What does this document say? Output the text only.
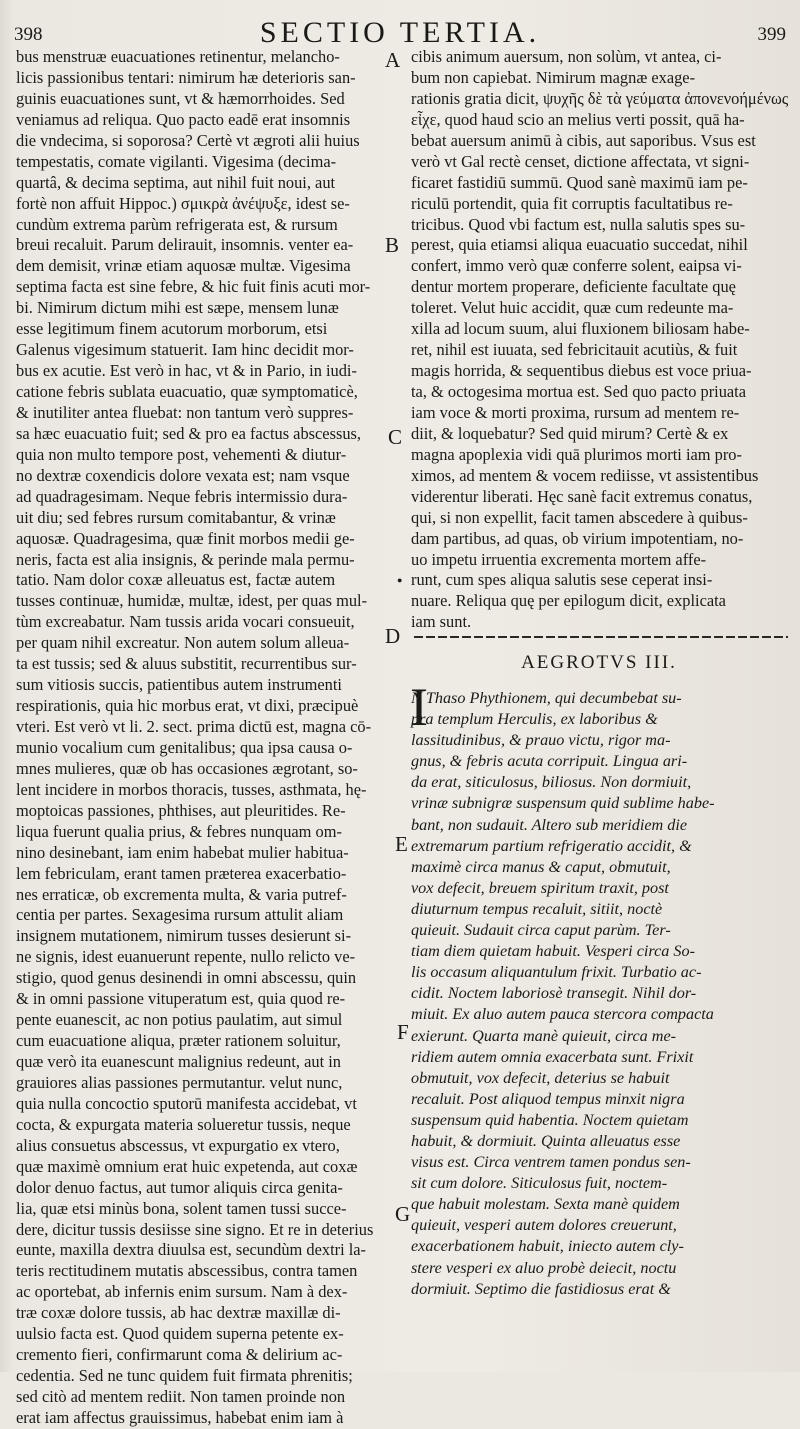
398	SECTIO TERTIA.	399
bus menstruæ euacuationes retinentur, melancho-
licis passionibus tentari: nimirum hæ deterioris san-
guinis euacuationes sunt, vt & hæmorrhoides. Sed
veniamus ad reliqua. Quo pacto eadē erat insomnis
die vndecima, si soporosa? Certè vt ægroti alii huius
tempestatis, comate vigilanti. Vigesima (decima-
quartâ, & decima septima, aut nihil fuit noui, aut
fortè non affuit Hippoc.) σμικρὰ ἀνέψυξε, idest se-
cundùm extrema parùm refrigerata est, & rursum
breui recaluit. Parum delirauit, insomnis. venter ea-
dem demisit, vrinæ etiam aquosæ multæ. Vigesima
septima facta est sine febre, & hic fuit finis acuti mor-
bi. Nimirum dictum mihi est sæpe, mensem lunæ
esse legitimum finem acutorum morborum, etsi
Galenus vigesimum statuerit. Iam hinc decidit mor-
bus ex acutie. Est verò in hac, vt & in Pario, in iudi-
catione febris sublata euacuatio, quæ symptomaticè,
& inutiliter antea fluebat: non tantum verò suppres-
sa hæc euacuatio fuit; sed & pro ea factus abscessus,
quia non multo tempore post, vehementi & diutur-
no dextræ coxendicis dolore vexata est; nam vsque
ad quadragesimam. Neque febris intermissio dura-
uit diu; sed febres rursum comitabantur, & vrinæ
aquosæ. Quadragesima, quæ finit morbos medii ge-
neris, facta est alia insignis, & perinde mala permu-
tatio. Nam dolor coxæ alleuatus est, factæ autem
tusses continuæ, humidæ, multæ, idest, per quas mul-
tùm excreabatur. Nam tussis arida vocari consueuit,
per quam nihil excreatur. Non autem solum alleua-
ta est tussis; sed & aluus substitit, recurrentibus sur-
sum vitiosis succis, patientibus autem instrumenti
respirationis, quia hic morbus erat, vt dixi, præcipuè
vteri. Est verò vt li. 2. sect. prima dictū est, magna cō-
munio vocalium cum genitalibus; qua ipsa causa o-
mnes mulieres, quæ ob has occasiones ægrotant, so-
lent incidere in morbos thoracis, tusses, asthmata, hę-
moptoicas passiones, phthises, aut pleuritides. Re-
liqua fuerunt qualia prius, & febres nunquam om-
nino desinebant, iam enim habebat mulier habitua-
lem febriculam, erant tamen præterea exacerbatio-
nes erraticæ, ob excrementa multa, & varia putref-
centia per partes. Sexagesima rursum attulit aliam
insignem mutationem, nimirum tusses desierunt si-
ne signis, idest euanuerunt repente, nullo relicto ve-
stigio, quod genus desinendi in omni abscessu, quin
& in omni passione vituperatum est, quia quod re-
pente euanescit, ac non potius paulatim, aut simul
cum euacuatione aliqua, præter rationem soluitur,
quæ verò ita euanescunt malignius redeunt, aut in
grauiores alias passiones permutantur. velut nunc,
quia nulla concoctio sputorū manifesta accidebat, vt
cocta, & expurgata materia solueretur tussis, neque
alius consuetus abscessus, vt expurgatio ex vtero,
quæ maximè omnium erat huic expetenda, aut coxæ
dolor denuo factus, aut tumor aliquis circa genita-
lia, quæ etsi minùs bona, solent tamen tussi succe-
dere, dicitur tussis desiisse sine signo. Et re in deterius
eunte, maxilla dextra diuulsa est, secundùm dextri la-
teris rectitudinem mutatis abscessibus, contra tamen
ac oportebat, ab infernis enim sursum. Nam à dex-
træ coxæ dolore tussis, ab hac dextræ maxillæ di-
uulsio facta est. Quod quidem superna petente ex-
cremento fieri, confirmarunt coma & delirium ac-
cedentia. Sed ne tunc quidem fuit firmata phrenitis;
sed citò ad mentem rediit. Non tamen proinde non
erat iam affectus grauissimus, habebat enim iam à
cibis animum auersum, non solùm, vt antea, ci-
bum non capiebat. Nimirum magnæ exage-
rationis gratia dicit, ψυχῆς δὲ τὰ γεύματα ἀπονενοήμένως
εἶχε, quod haud scio an melius verti possit, quā ha-
bebat auersum animū à cibis, aut saporibus. Vsus est
verò vt Gal rectè censet, dictione affectata, vt signi-
ficaret fastidiū summū. Quod sanè maximū iam pe-
riculū portendit, quia fit corruptis facultatibus re-
tricibus. Quod vbi factum est, nulla salutis spes su-
perest, quia etiamsi aliqua euacuatio succedat, nihil
confert, immo verò quæ conferre solent, eaipsa vi-
dentur mortem properare, deficiente facultate quę
toleret. Velut huic accidit, quæ cum redeunte ma-
xilla ad locum suum, alui fluxionem biliosam habe-
ret, nihil est iuuata, sed febricitauit acutiùs, & fuit
magis horrida, & sequentibus diebus est voce priua-
ta, & octogesima mortua est. Sed quo pacto priuata
iam voce & morti proxima, rursum ad mentem re-
diit, & loquebatur? Sed quid mirum? Certè & ex
magna apoplexia vidi quā plurimos morti iam pro-
ximos, ad mentem & vocem rediisse, vt assistentibus
viderentur liberati. Hęc sanè facit extremus conatus,
qui, si non expellit, facit tamen abscedere à quibus-
dam partibus, ad quas, ob virium impotentiam, no-
uo impetu irruentia excrementa mortem affe-
runt, cum spes aliqua salutis sese ceperat insi-
nuare. Reliqua quę per epilogum dicit, explicata
iam sunt.
A
B
C
D
E
F
G
●
AEGROTVS III.
I
N Thaso Phythionem, qui decumbebat su-
pra templum Herculis, ex laboribus &
lassitudinibus, & prauo victu, rigor ma-
gnus, & febris acuta corripuit. Lingua ari-
da erat, siticulosus, biliosus. Non dormiuit,
vrinæ subnigræ suspensum quid sublime habe-
bant, non sudauit. Altero sub meridiem die
extremarum partium refrigeratio accidit, &
maximè circa manus & caput, obmutuit,
vox defecit, breuem spiritum traxit, post
diuturnum tempus recaluit, sitiit, noctè
quieuit. Sudauit circa caput parùm. Ter-
tiam diem quietam habuit. Vesperi circa So-
lis occasum aliquantulum frixit. Turbatio ac-
cidit. Noctem laboriosè transegit. Nihil dor-
miuit. Ex aluo autem pauca stercora compacta
exierunt. Quarta manè quieuit, circa me-
ridiem autem omnia exacerbata sunt. Frixit
obmutuit, vox defecit, deterius se habuit
recaluit. Post aliquod tempus minxit nigra
suspensum quid habentia. Noctem quietam
habuit, & dormiuit. Quinta alleuatus esse
visus est. Circa ventrem tamen pondus sen-
sit cum dolore. Siticulosus fuit, noctem-
que habuit molestam. Sexta manè quidem
quieuit, vesperi autem dolores creuerunt,
exacerbationem habuit, iniecto autem cly-
stere vesperi ex aluo probè deiecit, noctu
dormiuit. Septimo die fastidiosus erat &
